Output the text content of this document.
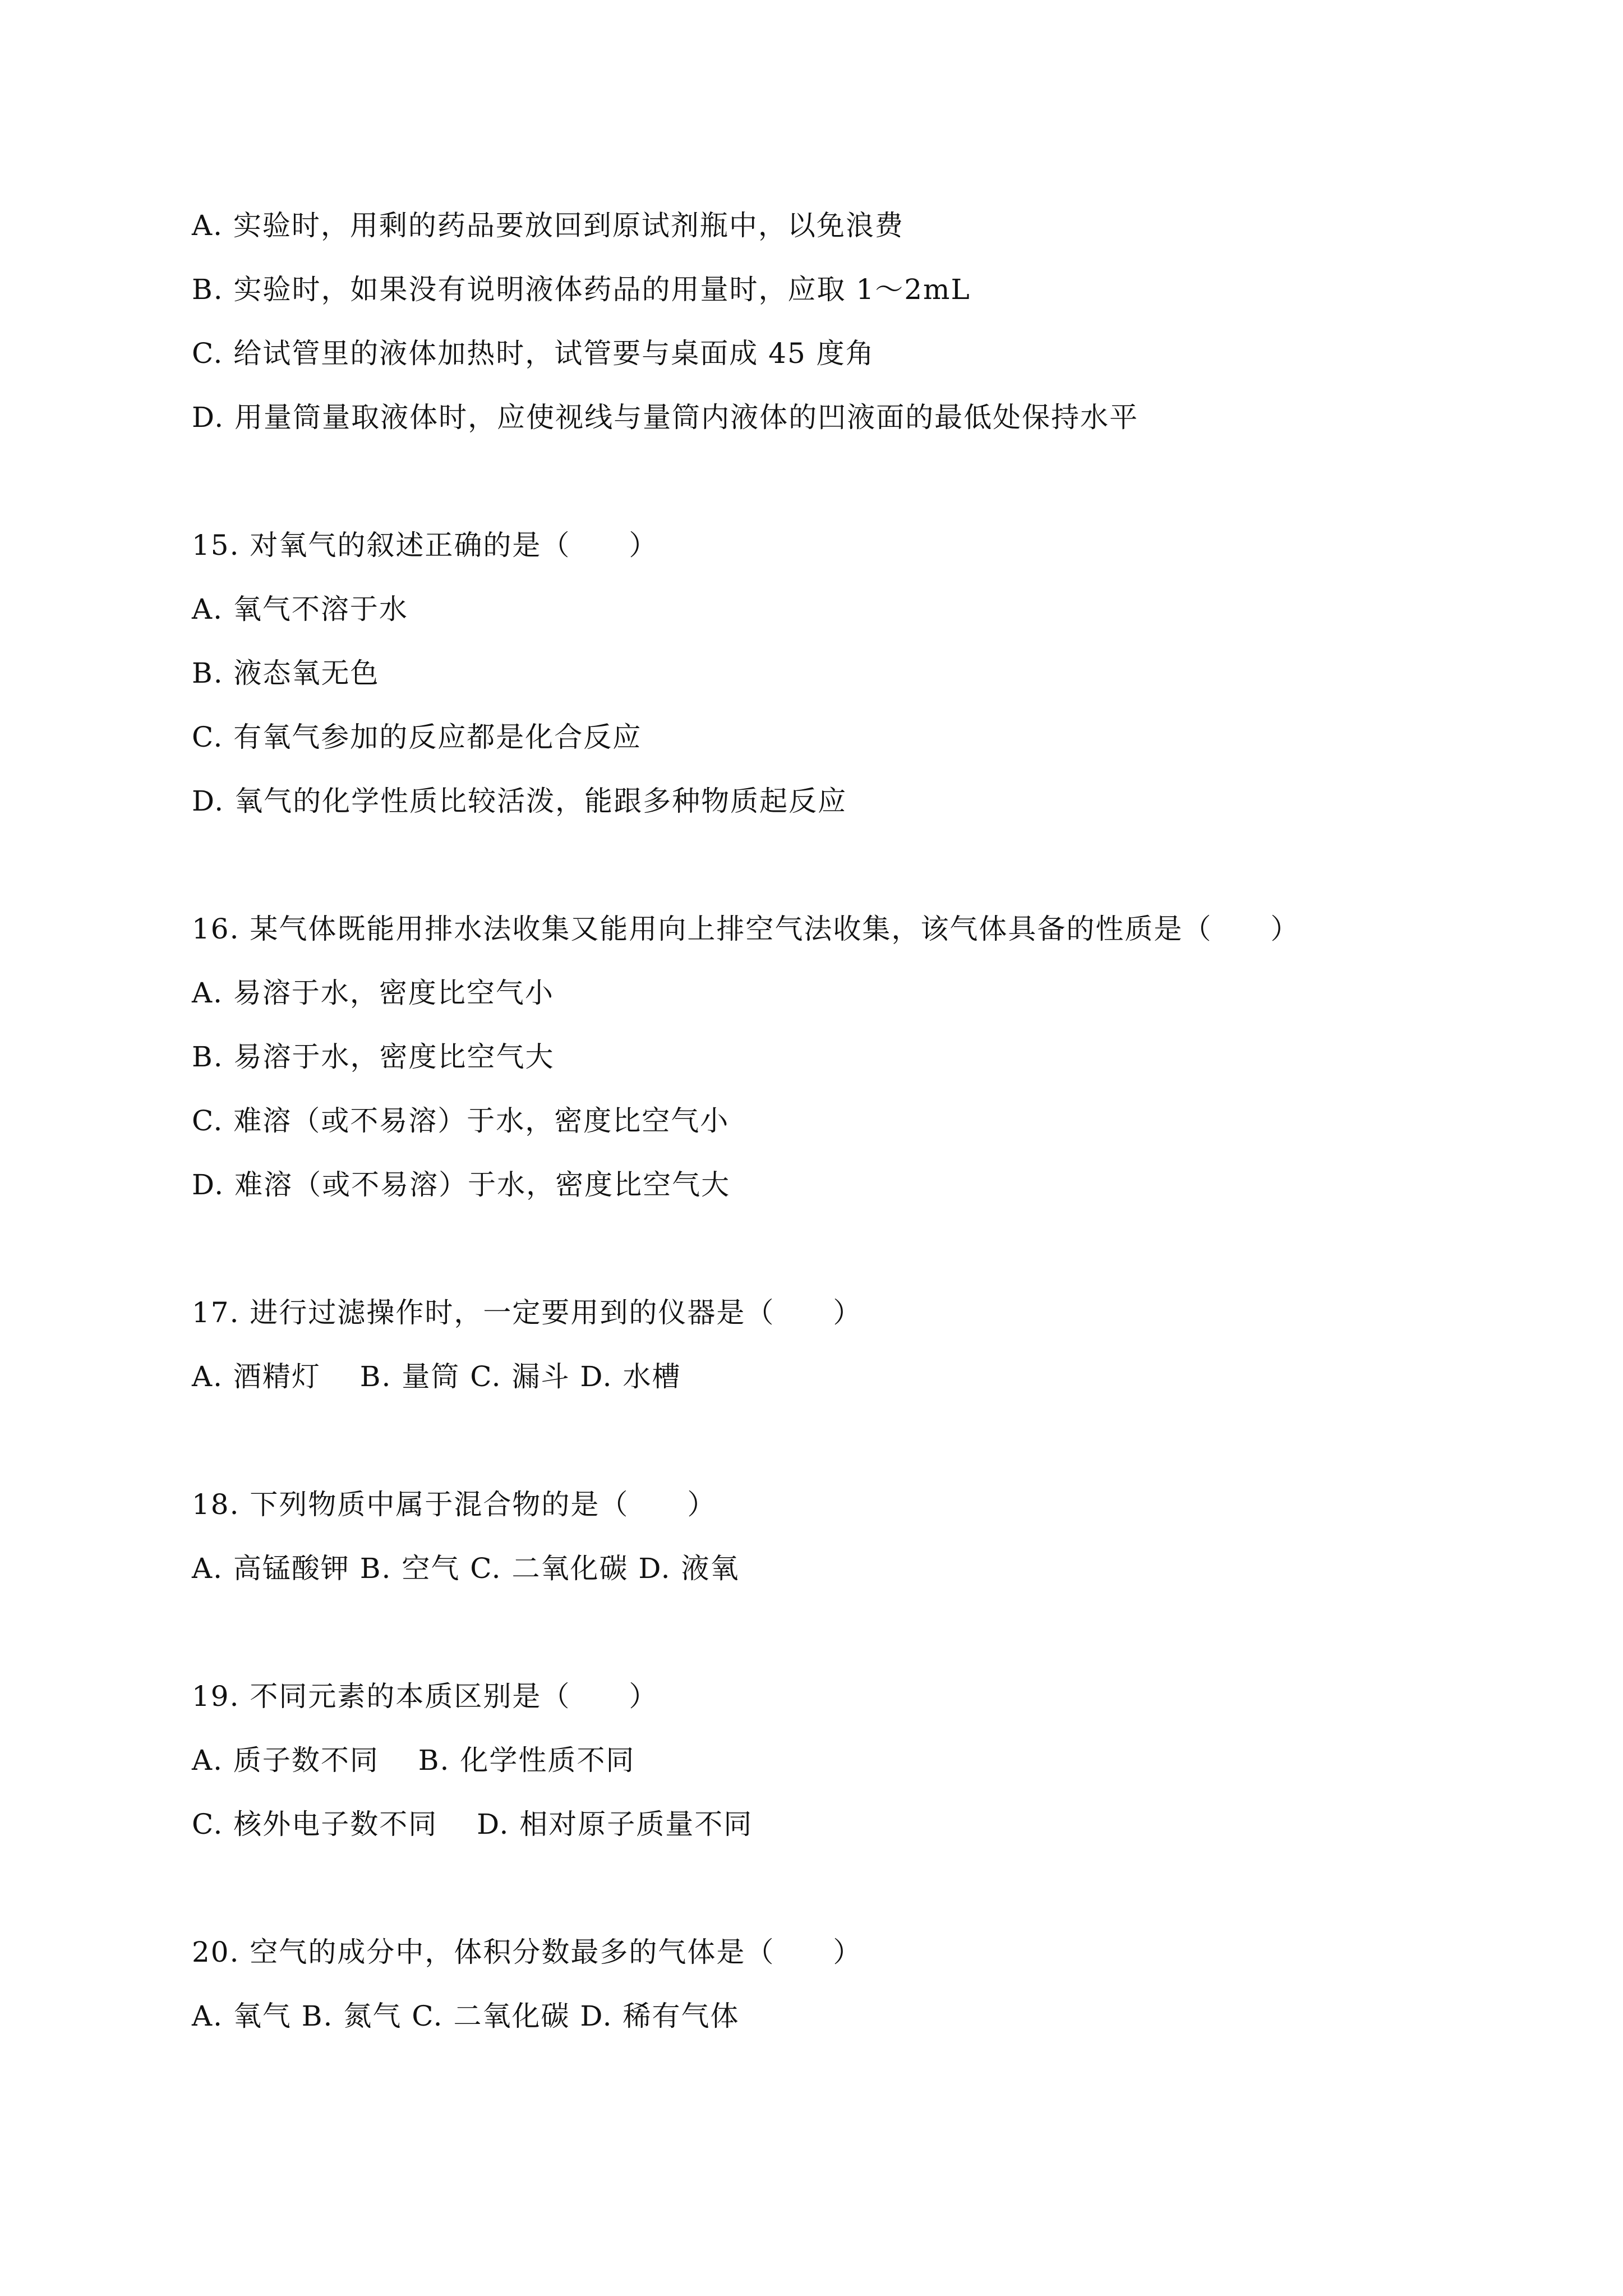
A. 实验时，用剩的药品要放回到原试剂瓶中，以免浪费
B. 实验时，如果没有说明液体药品的用量时，应取 1～2mL
C. 给试管里的液体加热时，试管要与桌面成 45 度角
D. 用量筒量取液体时，应使视线与量筒内液体的凹液面的最低处保持水平
15. 对氧气的叙述正确的是（　　）
A. 氧气不溶于水
B. 液态氧无色
C. 有氧气参加的反应都是化合反应
D. 氧气的化学性质比较活泼，能跟多种物质起反应
16. 某气体既能用排水法收集又能用向上排空气法收集，该气体具备的性质是（　　）
A. 易溶于水，密度比空气小
B. 易溶于水，密度比空气大
C. 难溶（或不易溶）于水，密度比空气小
D. 难溶（或不易溶）于水，密度比空气大
17. 进行过滤操作时，一定要用到的仪器是（　　）
A. 酒精灯　 B. 量筒 C. 漏斗 D. 水槽
18. 下列物质中属于混合物的是（　　）
A. 高锰酸钾 B. 空气 C. 二氧化碳 D. 液氧
19. 不同元素的本质区别是（　　）
A. 质子数不同　 B. 化学性质不同
C. 核外电子数不同　 D. 相对原子质量不同
20. 空气的成分中，体积分数最多的气体是（　　）
A. 氧气 B. 氮气 C. 二氧化碳 D. 稀有气体
